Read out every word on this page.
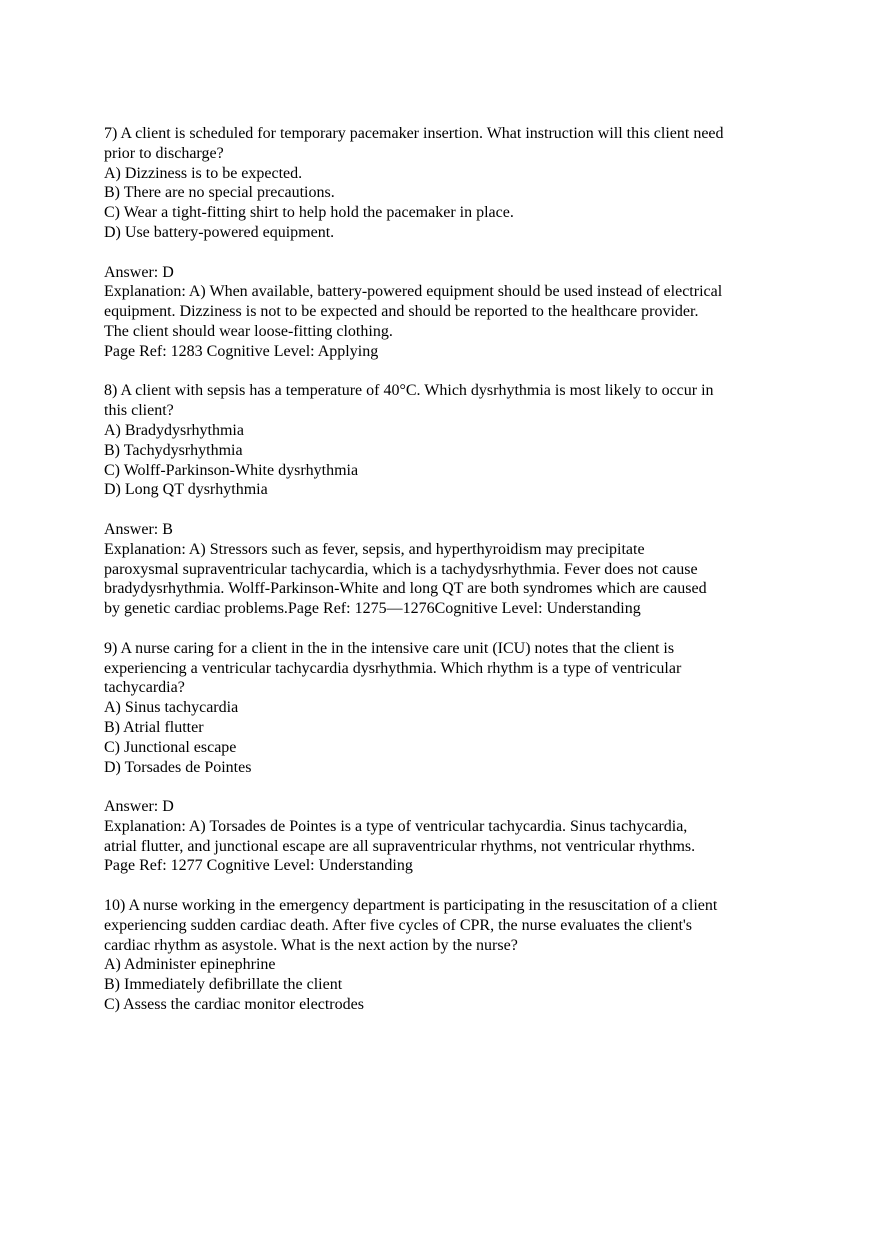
7) A client is scheduled for temporary pacemaker insertion. What instruction will this client need
prior to discharge?
A) Dizziness is to be expected.
B) There are no special precautions.
C) Wear a tight-fitting shirt to help hold the pacemaker in place.
D) Use battery-powered equipment.
Answer: D
Explanation: A) When available, battery-powered equipment should be used instead of electrical
equipment. Dizziness is not to be expected and should be reported to the healthcare provider.
The client should wear loose-fitting clothing.
Page Ref: 1283 Cognitive Level: Applying
8) A client with sepsis has a temperature of 40°C. Which dysrhythmia is most likely to occur in
this client?
A) Bradydysrhythmia
B) Tachydysrhythmia
C) Wolff-Parkinson-White dysrhythmia
D) Long QT dysrhythmia
Answer: B
Explanation: A) Stressors such as fever, sepsis, and hyperthyroidism may precipitate
paroxysmal supraventricular tachycardia, which is a tachydysrhythmia. Fever does not cause
bradydysrhythmia. Wolff-Parkinson-White and long QT are both syndromes which are caused
by genetic cardiac problems.Page Ref: 1275—1276Cognitive Level: Understanding
9) A nurse caring for a client in the in the intensive care unit (ICU) notes that the client is
experiencing a ventricular tachycardia dysrhythmia. Which rhythm is a type of ventricular
tachycardia?
A) Sinus tachycardia
B) Atrial flutter
C) Junctional escape
D) Torsades de Pointes
Answer: D
Explanation: A) Torsades de Pointes is a type of ventricular tachycardia. Sinus tachycardia,
atrial flutter, and junctional escape are all supraventricular rhythms, not ventricular rhythms.
Page Ref: 1277 Cognitive Level: Understanding
10) A nurse working in the emergency department is participating in the resuscitation of a client
experiencing sudden cardiac death. After five cycles of CPR, the nurse evaluates the client's
cardiac rhythm as asystole. What is the next action by the nurse?
A) Administer epinephrine
B) Immediately defibrillate the client
C) Assess the cardiac monitor electrodes
